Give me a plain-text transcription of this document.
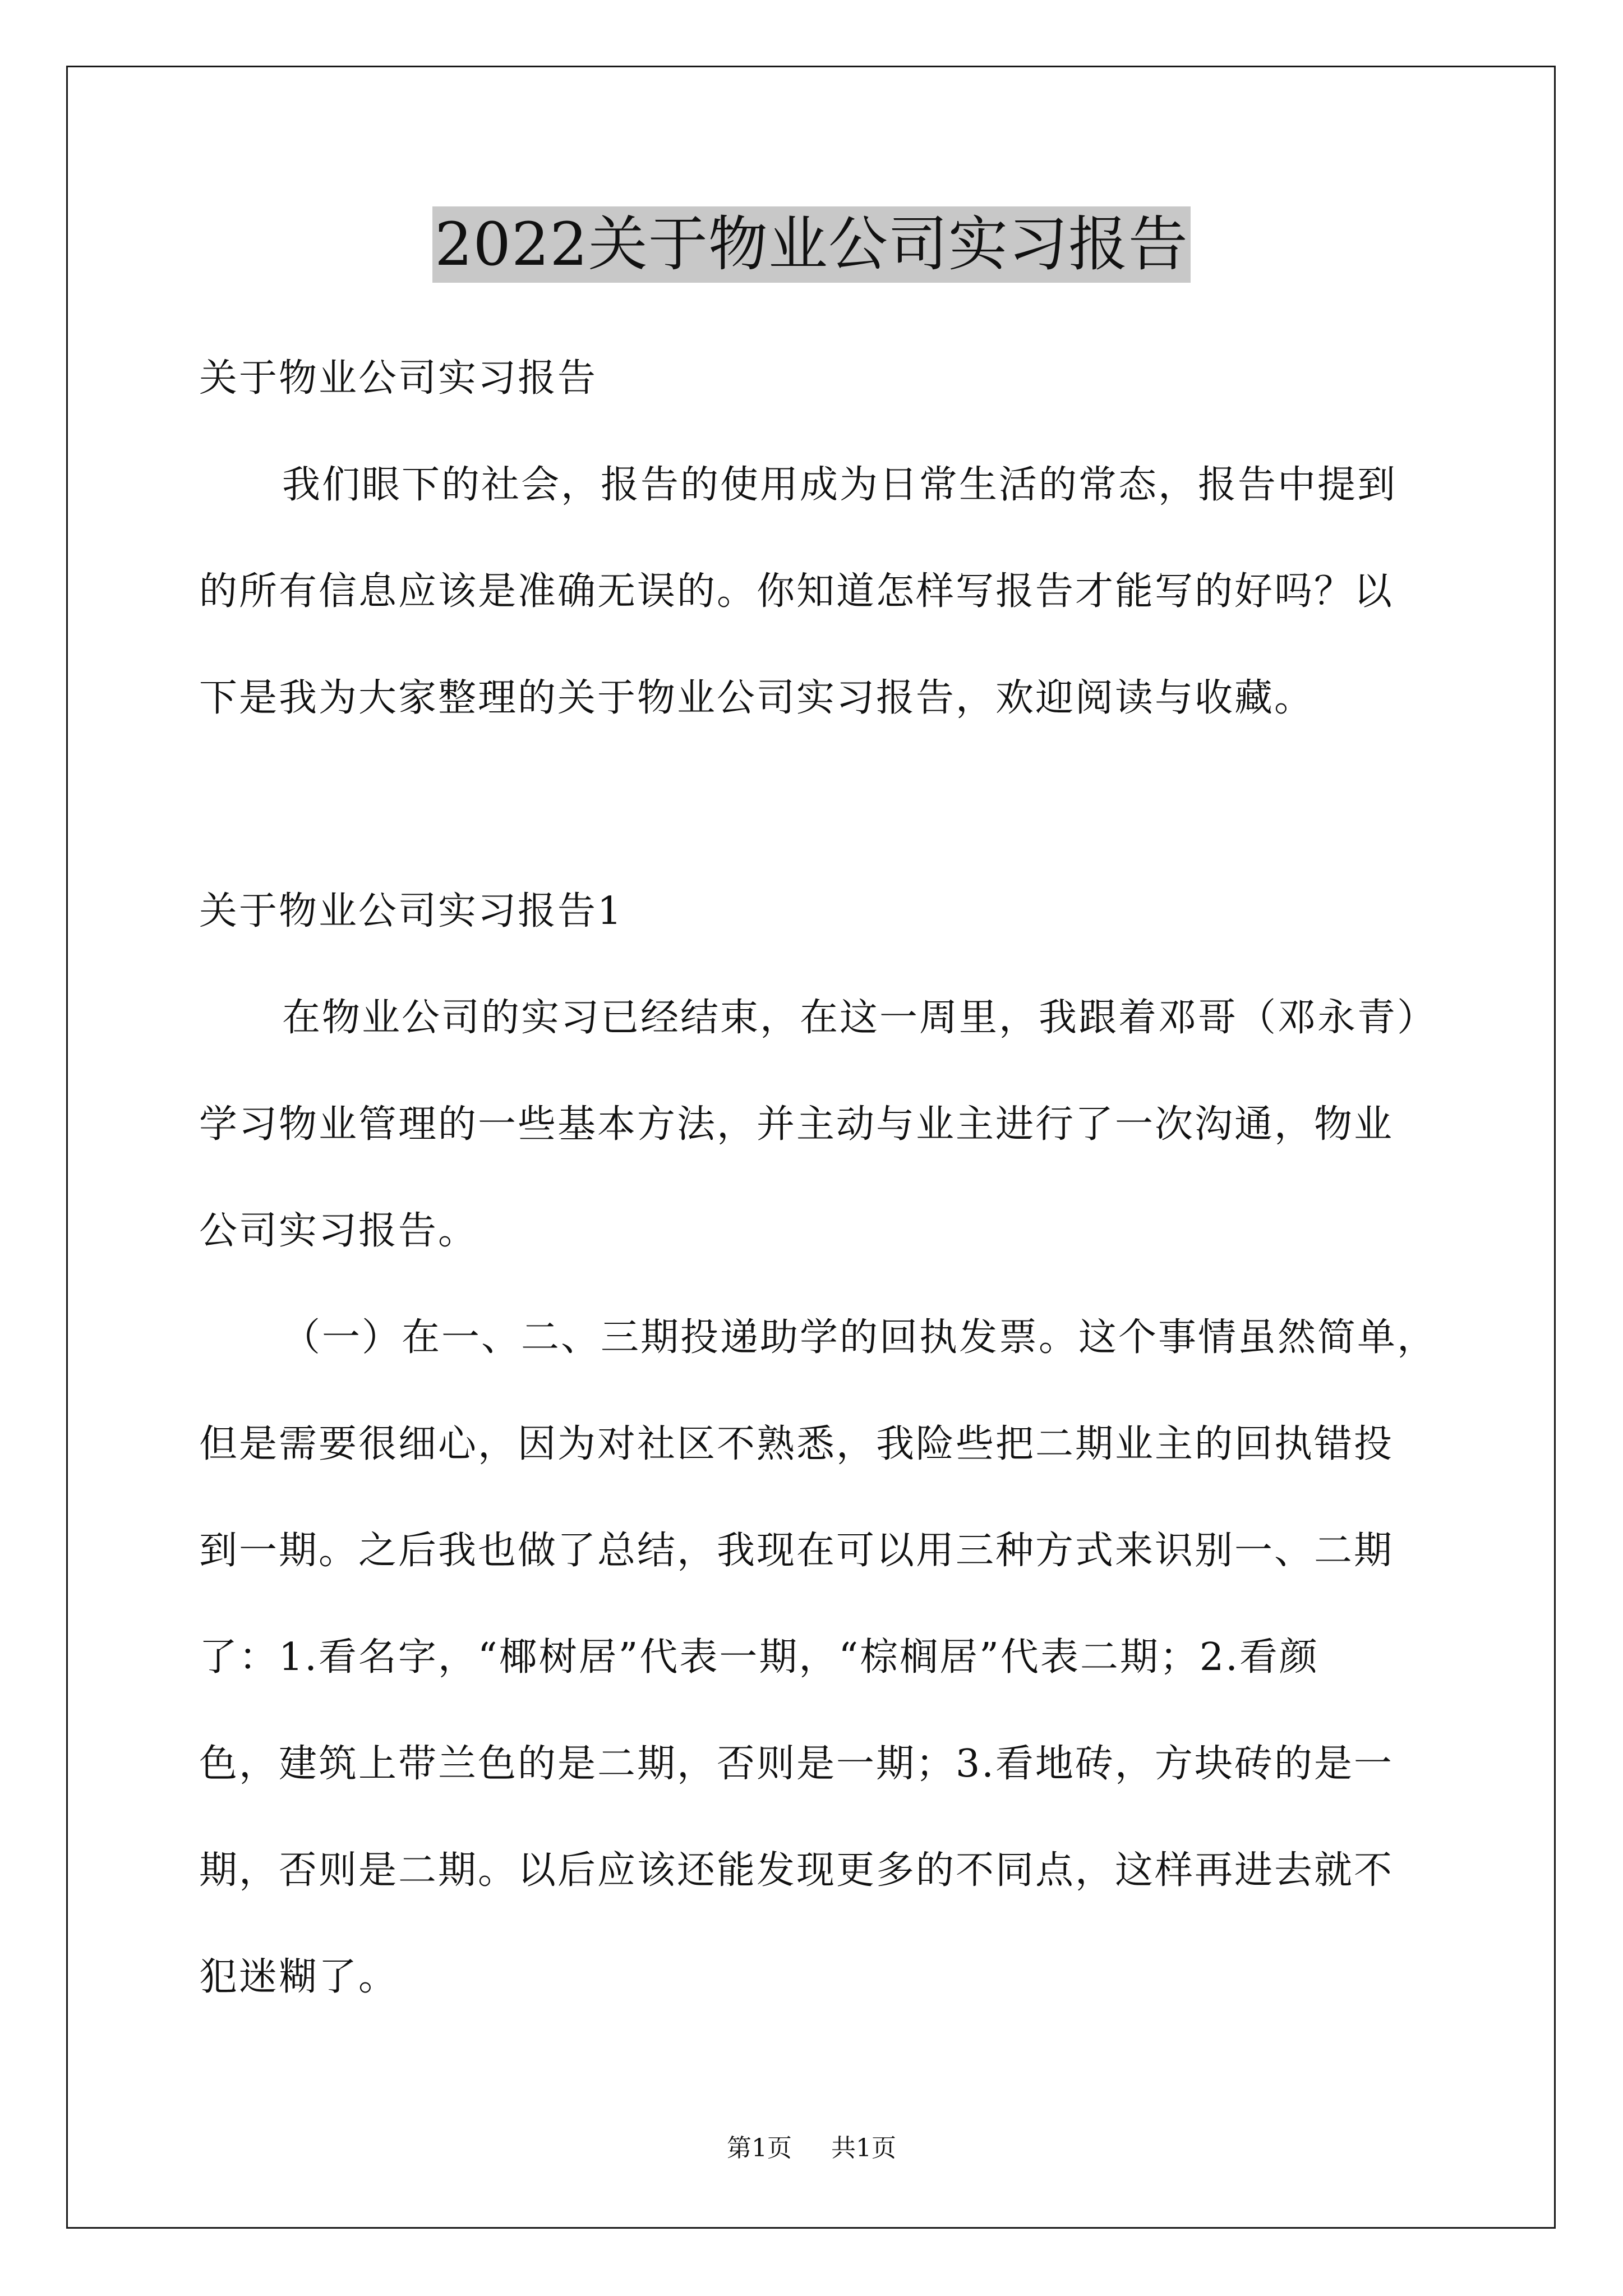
2022关于物业公司实习报告

关于物业公司实习报告

我们眼下的社会，报告的使用成为日常生活的常态，报告中提到
的所有信息应该是准确无误的。你知道怎样写报告才能写的好吗？以
下是我为大家整理的关于物业公司实习报告，欢迎阅读与收藏。

关于物业公司实习报告1

在物业公司的实习已经结束，在这一周里，我跟着邓哥（邓永青）
学习物业管理的一些基本方法，并主动与业主进行了一次沟通，物业
公司实习报告。

（一）在一、二、三期投递助学的回执发票。这个事情虽然简单，
但是需要很细心，因为对社区不熟悉，我险些把二期业主的回执错投
到一期。之后我也做了总结，我现在可以用三种方式来识别一、二期
了：1.看名字，“椰树居”代表一期，“棕榈居”代表二期；2.看颜
色，建筑上带兰色的是二期，否则是一期；3.看地砖，方块砖的是一
期，否则是二期。以后应该还能发现更多的不同点，这样再进去就不
犯迷糊了。

第1页 共1页
